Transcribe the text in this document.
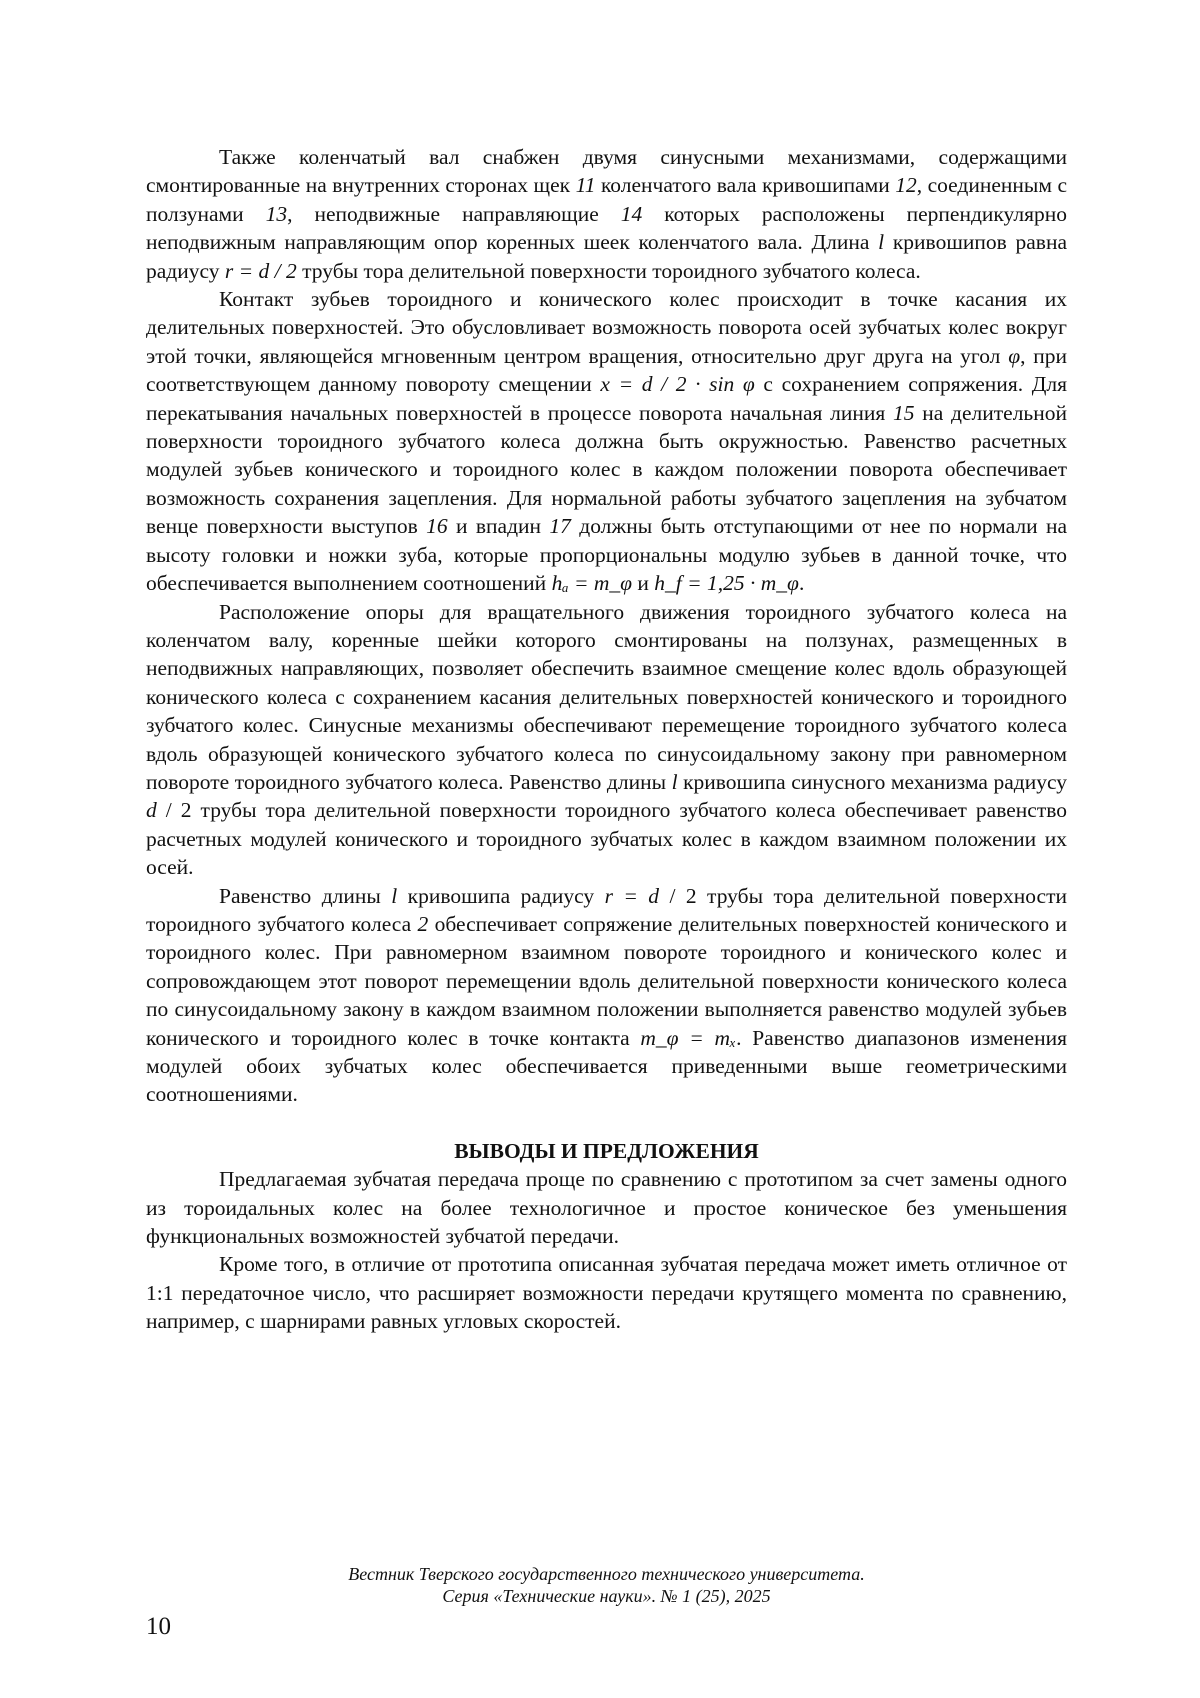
Также коленчатый вал снабжен двумя синусными механизмами, содержащими смонтированные на внутренних сторонах щек 11 коленчатого вала кривошипами 12, соединенным с ползунами 13, неподвижные направляющие 14 которых расположены перпендикулярно неподвижным направляющим опор коренных шеек коленчатого вала. Длина l кривошипов равна радиусу r = d / 2 трубы тора делительной поверхности тороидного зубчатого колеса.

Контакт зубьев тороидного и конического колес происходит в точке касания их делительных поверхностей. Это обусловливает возможность поворота осей зубчатых колес вокруг этой точки, являющейся мгновенным центром вращения, относительно друг друга на угол φ, при соответствующем данному повороту смещении x = d / 2 · sin φ с сохранением сопряжения. Для перекатывания начальных поверх­ностей в процессе поворота начальная линия 15 на делительной поверхности тороидного зубчатого колеса должна быть окружностью. Равенство расчетных модулей зубьев конического и тороидного колес в каждом положении поворота обеспечивает возможность сохранения зацепления. Для нормальной работы зубчатого зацепления на зубчатом венце поверхности выступов 16 и впадин 17 должны быть отступающими от нее по нормали на высоту головки и ножки зуба, которые пропорциональны модулю зубьев в данной точке, что обеспечивается выполнением соотношений hₐ = m_φ и h_f = 1,25 · m_φ.

Расположение опоры для вращательного движения тороидного зубчатого колеса на коленчатом валу, коренные шейки которого смонтированы на ползунах, размещенных в неподвижных направляющих, позволяет обеспечить взаимное смещение колес вдоль образующей конического колеса с сохранением касания делительных поверхностей конического и тороидного зубчатого колес. Синусные механизмы обеспечивают перемещение тороидного зубчатого колеса вдоль образующей конического зубчатого колеса по синусоидальному закону при равномерном повороте тороидного зубчатого колеса. Равенство длины l кривошипа синусного механизма радиусу d / 2 трубы тора делительной поверхности тороидного зубчатого колеса обеспечивает равенство расчетных модулей конического и тороидного зубчатых колес в каждом взаимном положении их осей.

Равенство длины l кривошипа радиусу r = d / 2 трубы тора делительной поверхности тороидного зубчатого колеса 2 обеспечивает сопряжение делительных поверхностей конического и тороидного колес. При равномерном взаимном повороте тороидного и конического колес и сопровождающем этот поворот перемещении вдоль делительной поверхности конического колеса по синусоидальному закону в каждом взаимном положении выполняется равенство модулей зубьев конического и тороидного колес в точке контакта m_φ = mₓ. Равенство диапазонов изменения модулей обоих зубчатых колес обеспечивается приведенными выше геометрическими соотношениями.

ВЫВОДЫ И ПРЕДЛОЖЕНИЯ

Предлагаемая зубчатая передача проще по сравнению с прототипом за счет замены одного из тороидальных колес на более технологичное и простое коническое без уменьшения функциональных возможностей зубчатой передачи.

Кроме того, в отличие от прототипа описанная зубчатая передача может иметь отличное от 1:1 передаточное число, что расширяет возможности передачи крутящего момента по сравнению, например, с шарнирами равных угловых скоростей.

Вестник Тверского государственного технического университета.
Серия «Технические науки». № 1 (25), 2025
10
